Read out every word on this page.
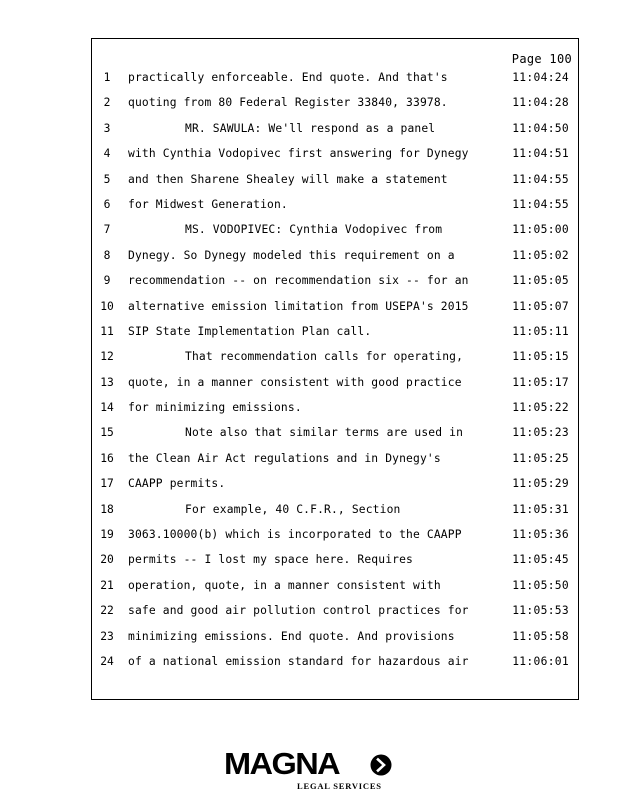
Page 100
1	practically enforceable. End quote. And that's	11:04:24
2	quoting from 80 Federal Register 33840, 33978.	11:04:28
3	MR. SAWULA: We'll respond as a panel	11:04:50
4	with Cynthia Vodopivec first answering for Dynegy	11:04:51
5	and then Sharene Shealey will make a statement	11:04:55
6	for Midwest Generation.	11:04:55
7	MS. VODOPIVEC: Cynthia Vodopivec from	11:05:00
8	Dynegy. So Dynegy modeled this requirement on a	11:05:02
9	recommendation -- on recommendation six -- for an	11:05:05
10 alternative emission limitation from USEPA's 2015	11:05:07
11 SIP State Implementation Plan call.	11:05:11
12	That recommendation calls for operating,	11:05:15
13 quote, in a manner consistent with good practice	11:05:17
14 for minimizing emissions.	11:05:22
15	Note also that similar terms are used in	11:05:23
16 the Clean Air Act regulations and in Dynegy's	11:05:25
17 CAAPP permits.	11:05:29
18	For example, 40 C.F.R., Section	11:05:31
19 3063.10000(b) which is incorporated to the CAAPP	11:05:36
20 permits -- I lost my space here. Requires	11:05:45
21 operation, quote, in a manner consistent with	11:05:50
22 safe and good air pollution control practices for	11:05:53
23 minimizing emissions. End quote. And provisions	11:05:58
24 of a national emission standard for hazardous air	11:06:01
MAGNA
LEGAL SERVICES
